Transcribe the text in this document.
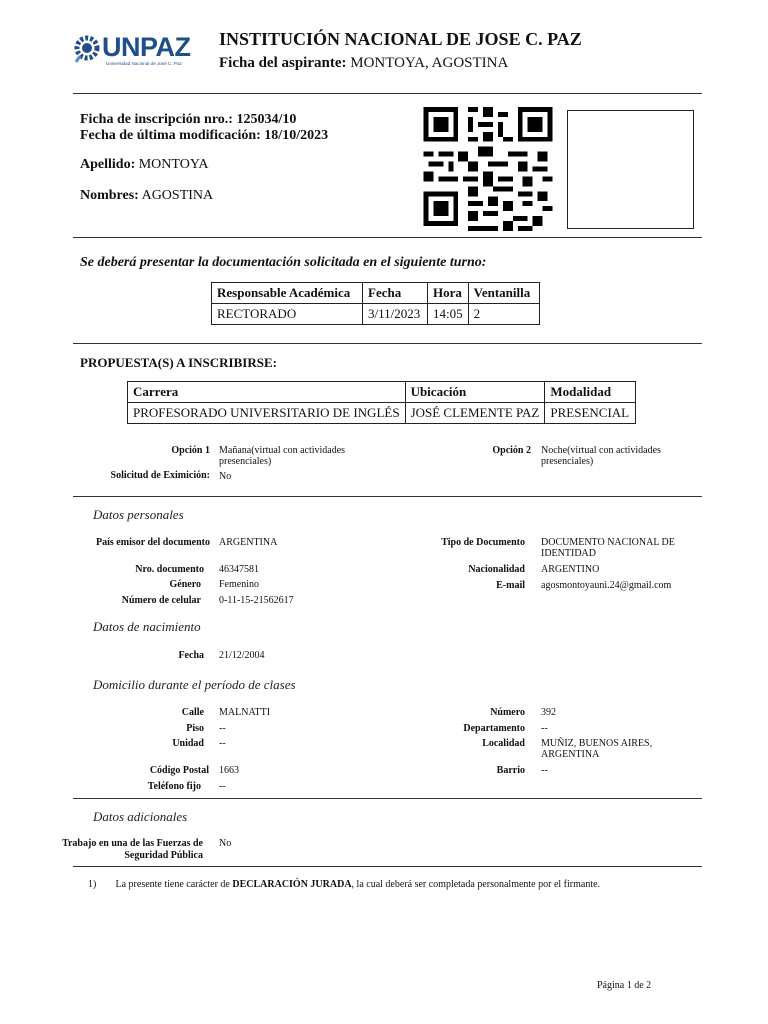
UNPAZ
Universidad Nacional de José C. Paz
INSTITUCIÓN NACIONAL DE JOSE C. PAZ
Ficha del aspirante: MONTOYA, AGOSTINA
Ficha de inscripción nro.: 125034/10
Fecha de última modificación: 18/10/2023
Apellido: MONTOYA
Nombres: AGOSTINA
Se deberá presentar la documentación solicitada en el siguiente turno:
Responsable Académica	Fecha	Hora	Ventanilla
RECTORADO	3/11/2023	14:05	2
PROPUESTA(S) A INSCRIBIRSE:
Carrera	Ubicación	Modalidad
PROFESORADO UNIVERSITARIO DE INGLÉS	JOSÉ CLEMENTE PAZ	PRESENCIAL
Opción 1 Mañana(virtual con actividades presenciales)
Opción 2 Noche(virtual con actividades presenciales)
Solicitud de Eximición: No
Datos personales
País emisor del documento ARGENTINA	Tipo de Documento DOCUMENTO NACIONAL DE IDENTIDAD
Nro. documento 46347581	Nacionalidad ARGENTINO
Género Femenino	E-mail agosmontoyauni.24@gmail.com
Número de celular 0-11-15-21562617
Datos de nacimiento
Fecha 21/12/2004
Domicilio durante el período de clases
Calle MALNATTI	Número 392
Piso --	Departamento --
Unidad --	Localidad MUÑIZ, BUENOS AIRES, ARGENTINA
Código Postal 1663	Barrio --
Teléfono fijo --
Datos adicionales
Trabajo en una de las Fuerzas de Seguridad Pública
No
1) La presente tiene carácter de DECLARACIÓN JURADA, la cual deberá ser completada personalmente por el firmante.
Página 1 de 2
